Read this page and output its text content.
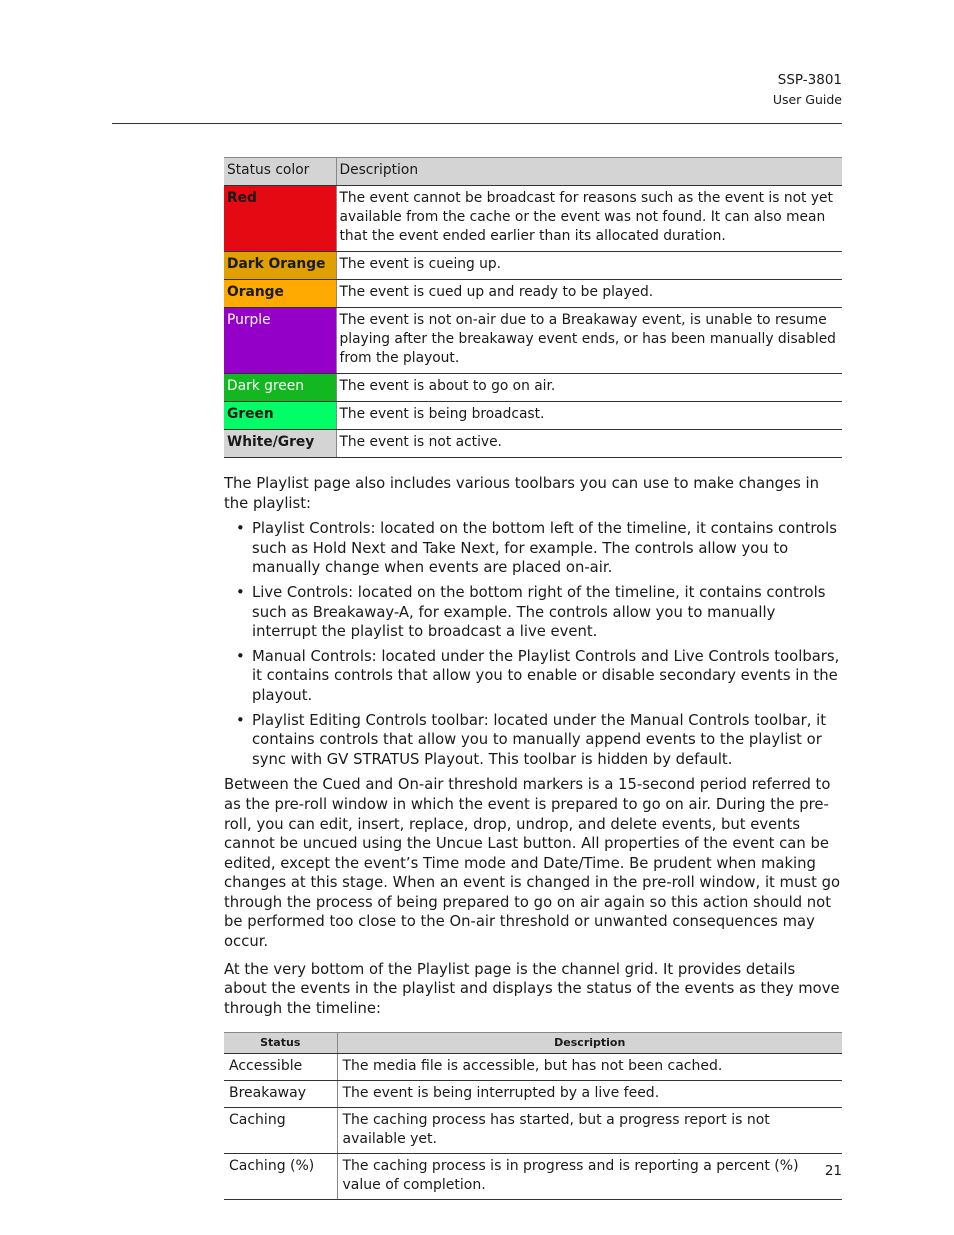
SSP-3801
User Guide
Status color	Description
Red	The event cannot be broadcast for reasons such as the event is not yet available from the cache or the event was not found. It can also mean that the event ended earlier than its allocated duration.
Dark Orange	The event is cueing up.
Orange	The event is cued up and ready to be played.
Purple	The event is not on-air due to a Breakaway event, is unable to resume playing after the breakaway event ends, or has been manually disabled from the playout.
Dark green	The event is about to go on air.
Green	The event is being broadcast.
White/Grey	The event is not active.

The Playlist page also includes various toolbars you can use to make changes in the playlist:

• Playlist Controls: located on the bottom left of the timeline, it contains controls such as Hold Next and Take Next, for example. The controls allow you to manually change when events are placed on-air.
• Live Controls: located on the bottom right of the timeline, it contains controls such as Breakaway-A, for example. The controls allow you to manually interrupt the playlist to broadcast a live event.
• Manual Controls: located under the Playlist Controls and Live Controls toolbars, it contains controls that allow you to enable or disable secondary events in the playout.
• Playlist Editing Controls toolbar: located under the Manual Controls toolbar, it contains controls that allow you to manually append events to the playlist or sync with GV STRATUS Playout. This toolbar is hidden by default.

Between the Cued and On-air threshold markers is a 15-second period referred to as the pre-roll window in which the event is prepared to go on air. During the pre-roll, you can edit, insert, replace, drop, undrop, and delete events, but events cannot be uncued using the Uncue Last button. All properties of the event can be edited, except the event’s Time mode and Date/Time. Be prudent when making changes at this stage. When an event is changed in the pre-roll window, it must go through the process of being prepared to go on air again so this action should not be performed too close to the On-air threshold or unwanted consequences may occur.

At the very bottom of the Playlist page is the channel grid. It provides details about the events in the playlist and displays the status of the events as they move through the timeline:

Status	Description
Accessible	The media file is accessible, but has not been cached.
Breakaway	The event is being interrupted by a live feed.
Caching	The caching process has started, but a progress report is not available yet.
Caching (%)	The caching process is in progress and is reporting a percent (%) value of completion.
21
